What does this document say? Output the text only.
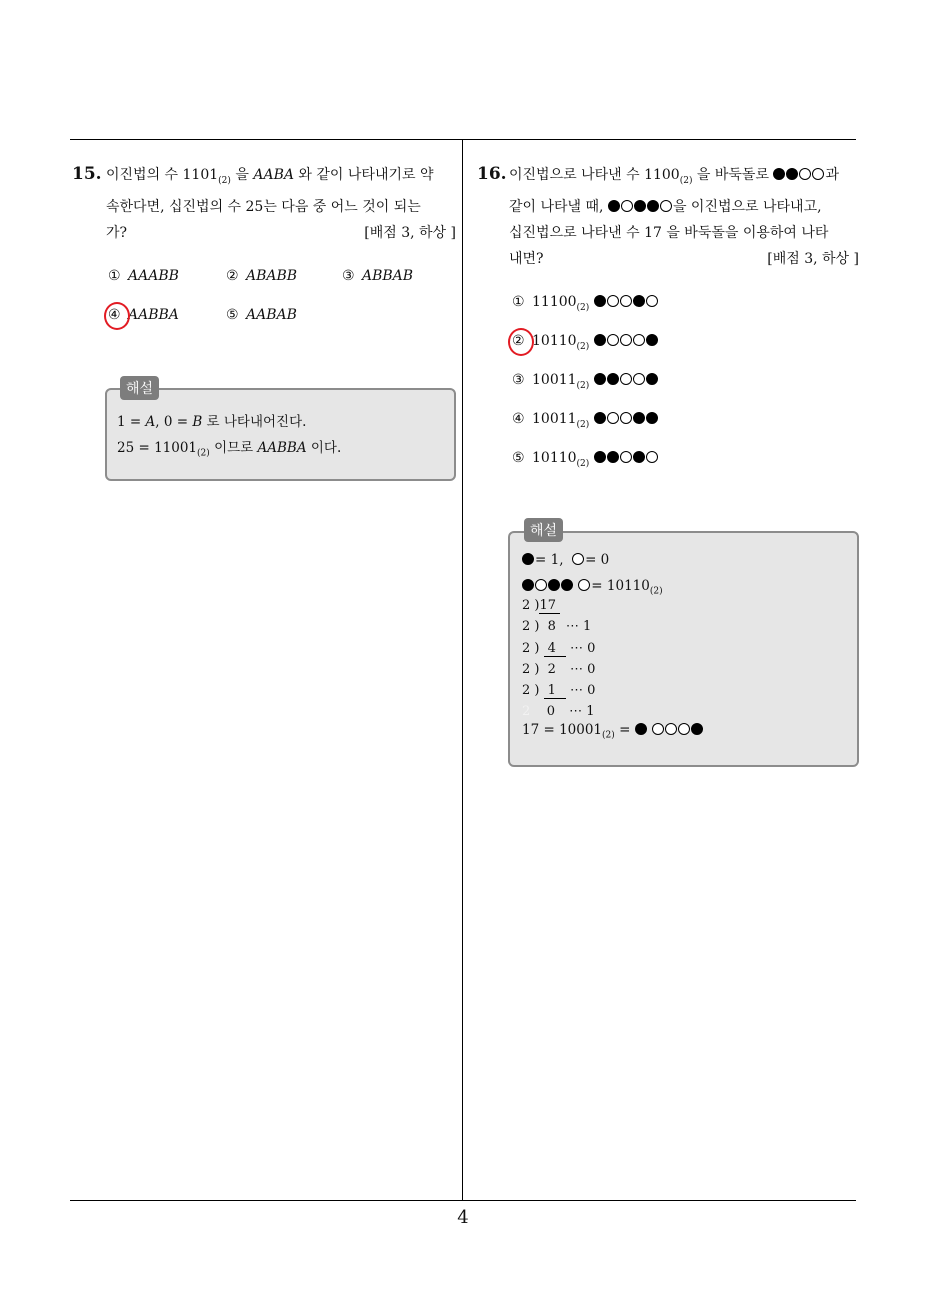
15. 이진법의 수 $1101_{(2)}$ 을 AABA 와 같이 나타내기로 약
속한다면, 십진법의 수 25는 다음 중 어느 것이 되는
가?	[배점 3, 하상 ]
① AAABB	② ABABB	③ ABBAB
④ AABBA	⑤ AABAB
해설
1 = A, 0 = B 로 나타내어진다.
$25 = 11001_{(2)}$ 이므로 AABBA 이다.
16. 이진법으로 나타낸 수 $1100_{(2)}$ 을 바둑돌로	과
같이 나타낼 때,	을 이진법으로 나타내고,
십진법으로 나타낸 수 17 을 바둑돌을 이용하여 나타
내면?	[배점 3, 하상 ]
① $11100_{(2)}$
② $10110_{(2)}$
③ $10011_{(2)}$
④ $10011_{(2)}$
⑤ $10110_{(2)}$
해설
= 1, = 0
= $10110_{(2)}$
2 )17
2 ) 8 ⋯ 1
2 ) 4 ⋯ 0
2 ) 2 ⋯ 0
2 ) 1 ⋯ 0
2 0 ⋯ 1
$17 = 10001_{(2)}$ =
4
